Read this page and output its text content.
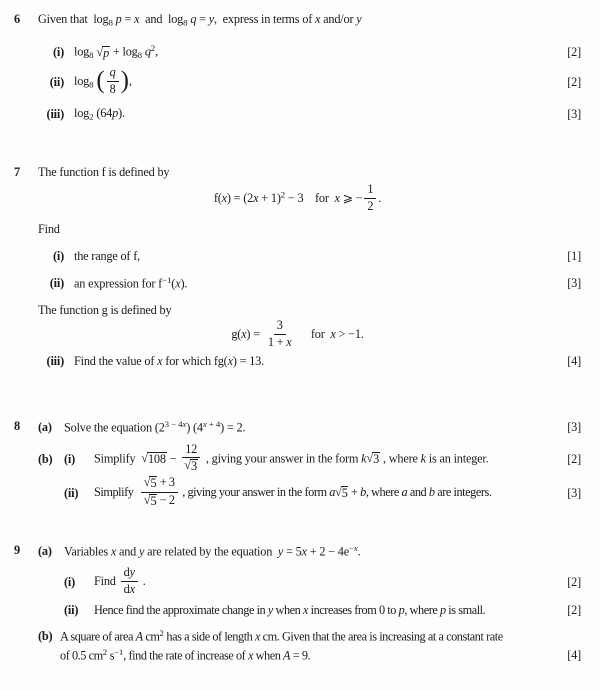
6	Given that  $\log_8 p = x$  and  $\log_8 q = y$,  express in terms of x and/or y
(i) $\log_8$ √ $p + \log_8 q^2$,	[2]
(ii) $\log_8$ ( $\frac{q}{8}$ ),	[2]
(iii) $\log_2 (64p)$.	[3]
7	The function f is defined by
$f(x) = (2x + 1)^2 - 3$    for  x ⩾ − $\frac{1}{2}$ .
Find
(i) the range of f,	[1]
(ii) an expression for $f^{-1}(x)$.	[3]
The function g is defined by
$g(x) = \frac{3}{1 + x}$ for  x > −1.
(iii) Find the value of x for which fg(x) = 13.	[4]
8	(a) Solve the equation $(2^{3 - 4x})$ (4$^x$ $^{+ 4}$) = 2.	[3]
(b) (i)	Simplify √ $108 - \frac{12}{√ 3}$ , giving your answer in the form k √ 3 , where k is an integer.	[2]
(ii)	Simplify $\frac{√ 5 + 3}{√ 5 - 2}$ , giving your answer in the form a √ 5 + b, where a and b are integers.	[3]
9	(a) Variables x and y are related by the equation  $y = 5x + 2 - 4e^{-x}$.
(i)	Find $\frac{dy}{dx}$ .	[2]
(ii)	Hence find the approximate change in y when x increases from 0 to p, where p is small.	[2]
(b) A square of area A $cm^2$ has a side of length x cm. Given that the area is increasing at a constant rate
of 0.5 $cm^2$ $s^{-1}$, find the rate of increase of x when A = 9.	[4]
